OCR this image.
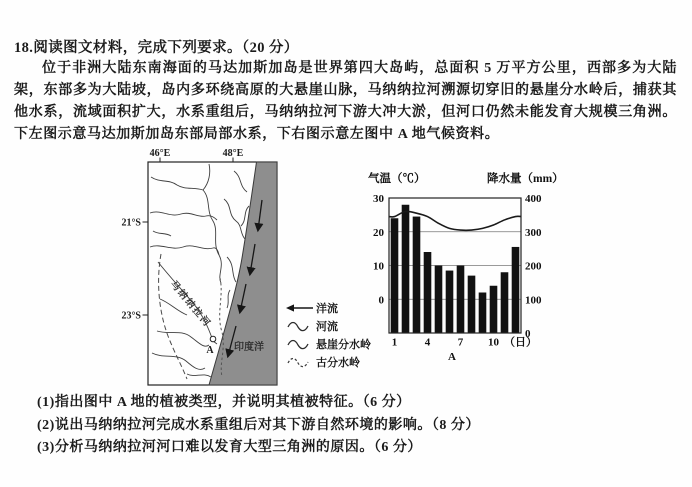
18.阅读图文材料，完成下列要求。（20 分）

位于非洲大陆东南海面的马达加斯加岛是世界第四大岛屿，总面积 5 万平方公里，西部多为大陆架，东部多为大陆坡，岛内多环绕高原的大悬崖山脉，马纳纳拉河溯源切穿旧的悬崖分水岭后，捕获其他水系，流域面积扩大，水系重组后，马纳纳拉河下游大冲大淤，但河口仍然未能发育大规模三角洲。下左图示意马达加斯加岛东部局部水系，下右图示意左图中 A 地气候资料。

46°E	48°E
21°S
23°S	马纳纳拉河
印度洋
A
洋流
河流
悬崖分水岭
古分水岭
气温（℃）	降水量（mm）
30
20
10
0
400
300
200
100
0
1	4	7 10 （日）
A
(1)指出图中 A 地的植被类型，并说明其植被特征。（6 分）
(2)说出马纳纳拉河完成水系重组后对其下游自然环境的影响。（8 分）
(3)分析马纳纳拉河河口难以发育大型三角洲的原因。（6 分）
